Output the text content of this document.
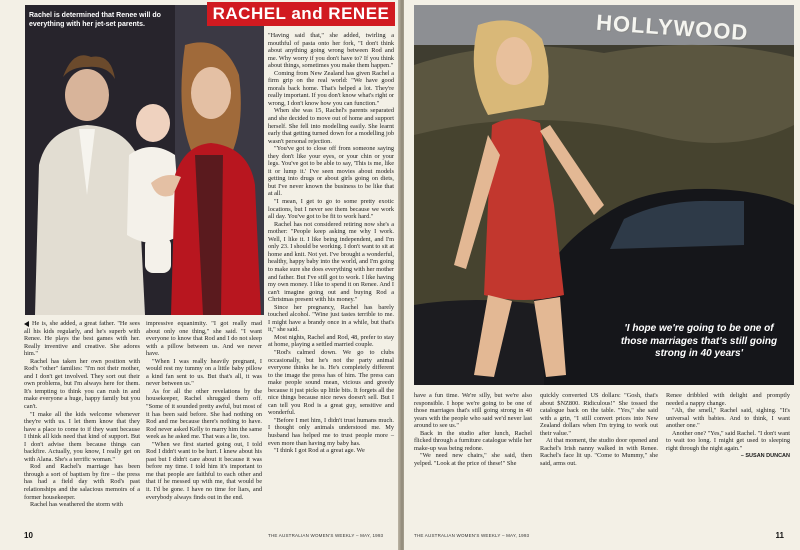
Rachel is determined that Renee will do everything with her jet-set parents.
RACHEL and RENEE

"Having said that," she added, twirling a mouthful of pasta onto her fork, "I don't think about anything going wrong between Rod and me. Why worry if you don't have to? If you think about things, sometimes you make them happen."

Coming from New Zealand has given Rachel a firm grip on the real world: "We have good morals back home. That's helped a lot. They're really important. If you don't know what's right or wrong, I don't know how you can function."

When she was 15, Rachel's parents separated and she decided to move out of home and support herself. She fell into modelling easily. She learnt early that getting turned down for a modelling job wasn't personal rejection.

"You've got to close off from someone saying they don't like your eyes, or your chin or your legs. You've got to be able to say, 'This is me, like it or lump it.' I've seen movies about models getting into drugs or about girls going on diets, but I've never known the business to be like that at all.

"I mean, I get to go to some pretty exotic locations, but I never see them because we work all day. You've got to be fit to work hard."

Rachel has not considered retiring now she's a mother: "People keep asking me why I work. Well, I like it. I like being independent, and I'm only 23. I should be working. I don't want to sit at home and knit. Not yet. I've brought a wonderful, healthy, happy baby into the world, and I'm going to make sure she does everything with her mother and father. But I've still got to work. I like having my own money. I like to spend it on Renee. And I can't imagine going out and buying Rod a Christmas present with his money."

Since her pregnancy, Rachel has barely touched alcohol. "Wine just tastes terrible to me. I might have a brandy once in a while, but that's it," she said.

Most nights, Rachel and Rod, 48, prefer to stay at home, playing a settled married couple.

"Rod's calmed down. We go to clubs occasionally, but he's not the party animal everyone thinks he is. He's completely different to the image the press has of him. The press can make people sound mean, vicious and greedy because it just picks up little bits. It forgets all the nice things because nice news doesn't sell. But I can tell you Rod is a great guy, sensitive and wonderful.

"Before I met him, I didn't trust humans much. I thought only animals understood me. My husband has helped me to trust people more – even more than having my baby has.

"I think I got Rod at a great age. We

He is, she added, a great father. "He sees all his kids regularly, and he's superb with Renee. He plays the best games with her. Really inventive and creative. She adores him."

Rachel has taken her own position with Rod's "other" families: "I'm not their mother, and I don't get involved. They sort out their own problems, but I'm always here for them. It's tempting to think you can rush in and make everyone a huge, happy family but you can't.

"I make all the kids welcome whenever they're with us. I let them know that they have a place to come to if they want because I think all kids need that kind of support. But I don't advise them because things can backfire. Actually, you know, I really get on with Alana. She's a terrific woman."

Rod and Rachel's marriage has been through a sort of baptism by fire – the press has had a field day with Rod's past relationships and the salacious memoirs of a former housekeeper.

Rachel has weathered the storm with

impressive equanimity. "I got really mad about only one thing," she said. "I want everyone to know that Rod and I do not sleep with a pillow between us. And we never have.

"When I was really heavily pregnant, I would rest my tummy on a little baby pillow a kind fan sent to us. But that's all, it was never between us."

As for all the other revelations by the housekeeper, Rachel shrugged them off. "Some of it sounded pretty awful, but most of it has been said before. She had nothing on Rod and me because there's nothing to have. Rod never asked Kelly to marry him the same week as he asked me. That was a lie, too.

"When we first started going out, I told Rod I didn't want to be hurt. I knew about his past but I didn't care about it because it was before my time. I told him it's important to me that people are faithful to each other and that if he messed up with me, that would be it. I'd be gone. I have no time for liars, and everybody always finds out in the end.

10	THE AUSTRALIAN WOMEN'S WEEKLY – MAY, 1993
HOLLYWOOD
'I hope we're going to be one of those marriages that's still going strong in 40 years'

have a fun time. We're silly, but we're also responsible. I hope we're going to be one of those marriages that's still going strong in 40 years with the people who said we'd never last around to see us."

Back in the studio after lunch, Rachel flicked through a furniture catalogue while her make-up was being redone.

"We need new chairs," she said, then yelped. "Look at the price of these!" She

quickly converted US dollars: "Gosh, that's about $NZ800. Ridiculous!" She tossed the catalogue back on the table. "Yes," she said with a grin, "I still convert prices into New Zealand dollars when I'm trying to work out their value."

At that moment, the studio door opened and Rachel's Irish nanny walked in with Renee. Rachel's face lit up. "Come to Mummy," she said, arms out.

Renee dribbled with delight and promptly needed a nappy change.

"Ah, the smell," Rachel said, sighing. "It's universal with babies. And to think, I want another one."

Another one? "Yes," said Rachel. "I don't want to wait too long. I might get used to sleeping right through the night again."

– SUSAN DUNCAN

THE AUSTRALIAN WOMEN'S WEEKLY – MAY, 1993	11
